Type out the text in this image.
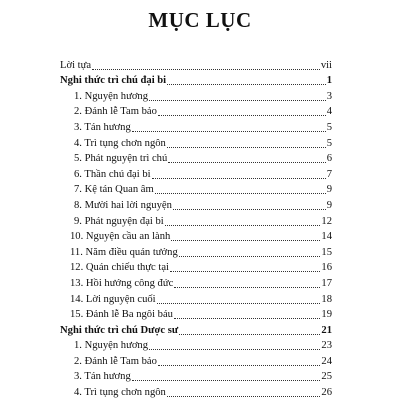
MỤC LỤC
Lời tựa	vii
Nghi thức trì chú đại bi	1
1. Nguyện hương	3
2. Đảnh lễ Tam bảo	4
3. Tán hương	5
4. Trì tụng chơn ngôn	5
5. Phát nguyện trì chú	6
6. Thần chú đại bi	7
7. Kệ tán Quan âm	9
8. Mười hai lời nguyện	9
9. Phát nguyện đại bi	12
10. Nguyện cầu an lành	14
11. Năm điều quán tưởng	15
12. Quán chiếu thực tại	16
13. Hồi hướng công đức	17
14. Lời nguyện cuối	18
15. Đảnh lễ Ba ngôi báu	19
Nghi thức trì chú Dược sư	21
1. Nguyện hương	23
2. Đảnh lễ Tam bảo	24
3. Tán hương	25
4. Trì tụng chơn ngôn	26
